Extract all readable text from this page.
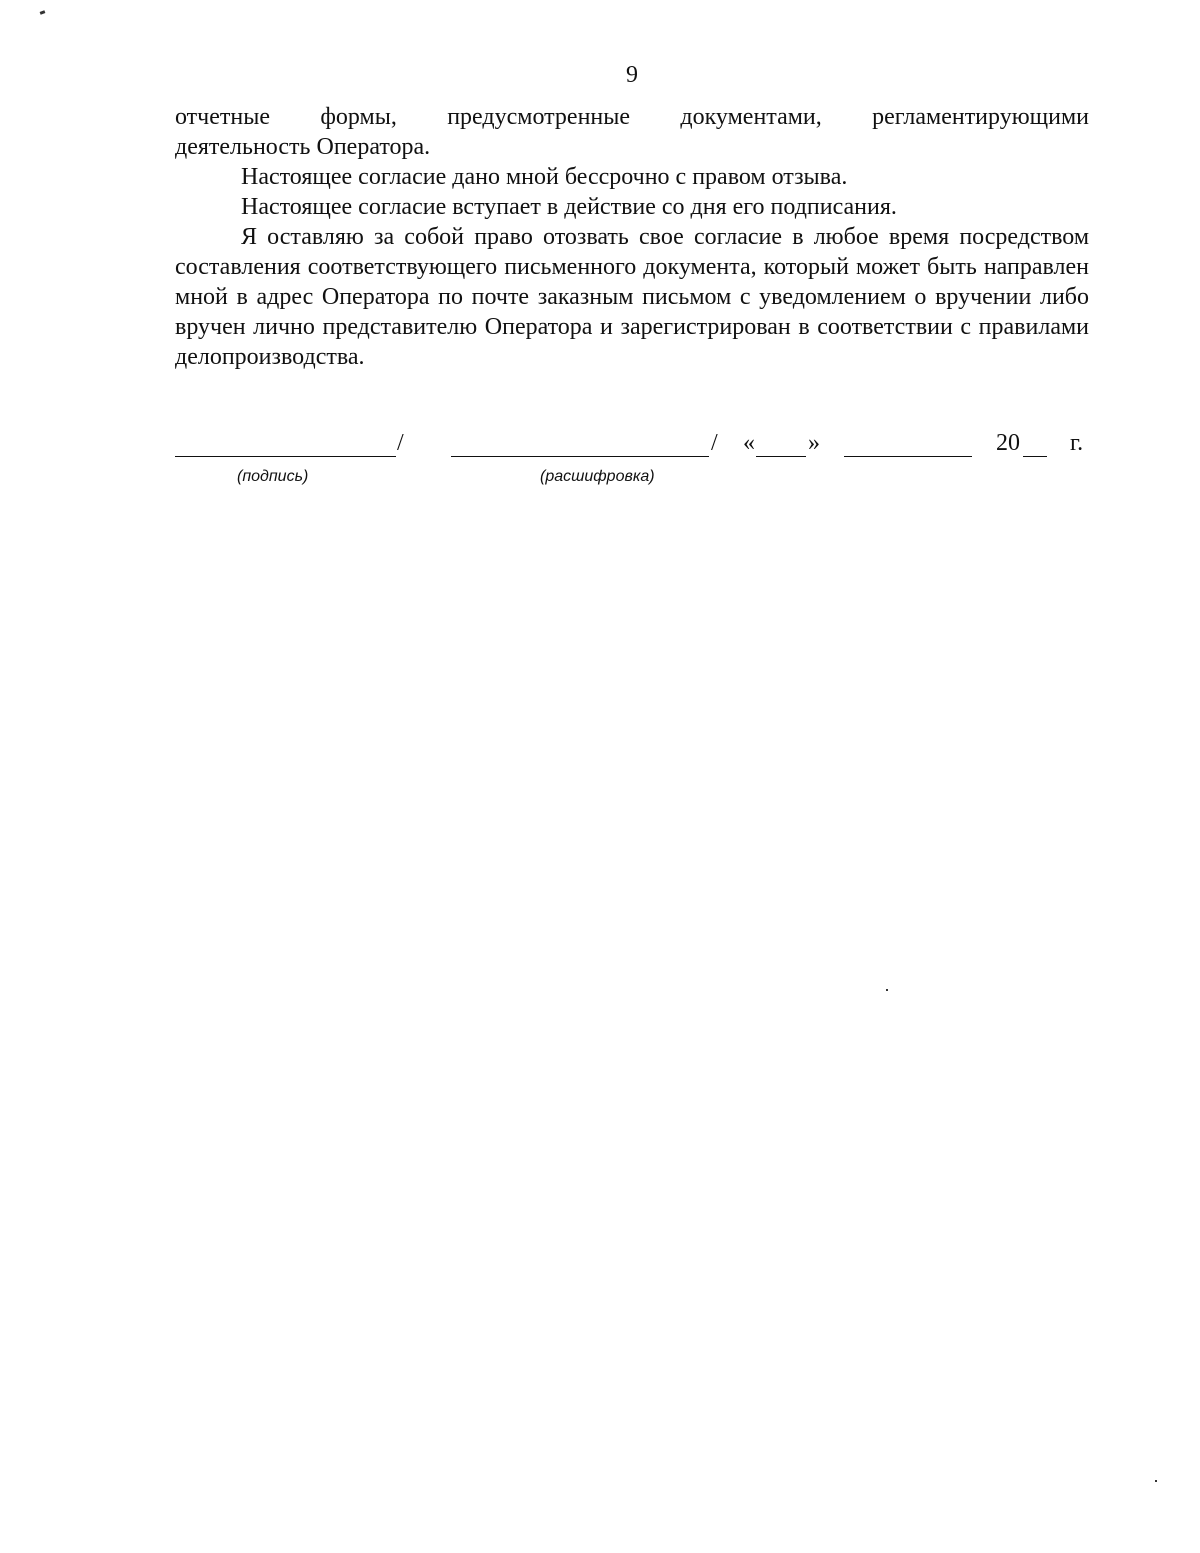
9

отчетные формы, предусмотренные документами, регламентирующими

деятельность Оператора.

Настоящее согласие дано мной бессрочно с правом отзыва.

Настоящее согласие вступает в действие со дня его подписания.

Я оставляю за собой право отозвать свое согласие в любое время посредством составления соответствующего письменного документа, который может быть направлен мной в адрес Оператора по почте заказным письмом с уведомлением о вручении либо вручен лично представителю Оператора и зарегистрирован в соответствии с правилами делопроизводства.

/	/ « »	20 г.
(подпись)	(расшифровка)
